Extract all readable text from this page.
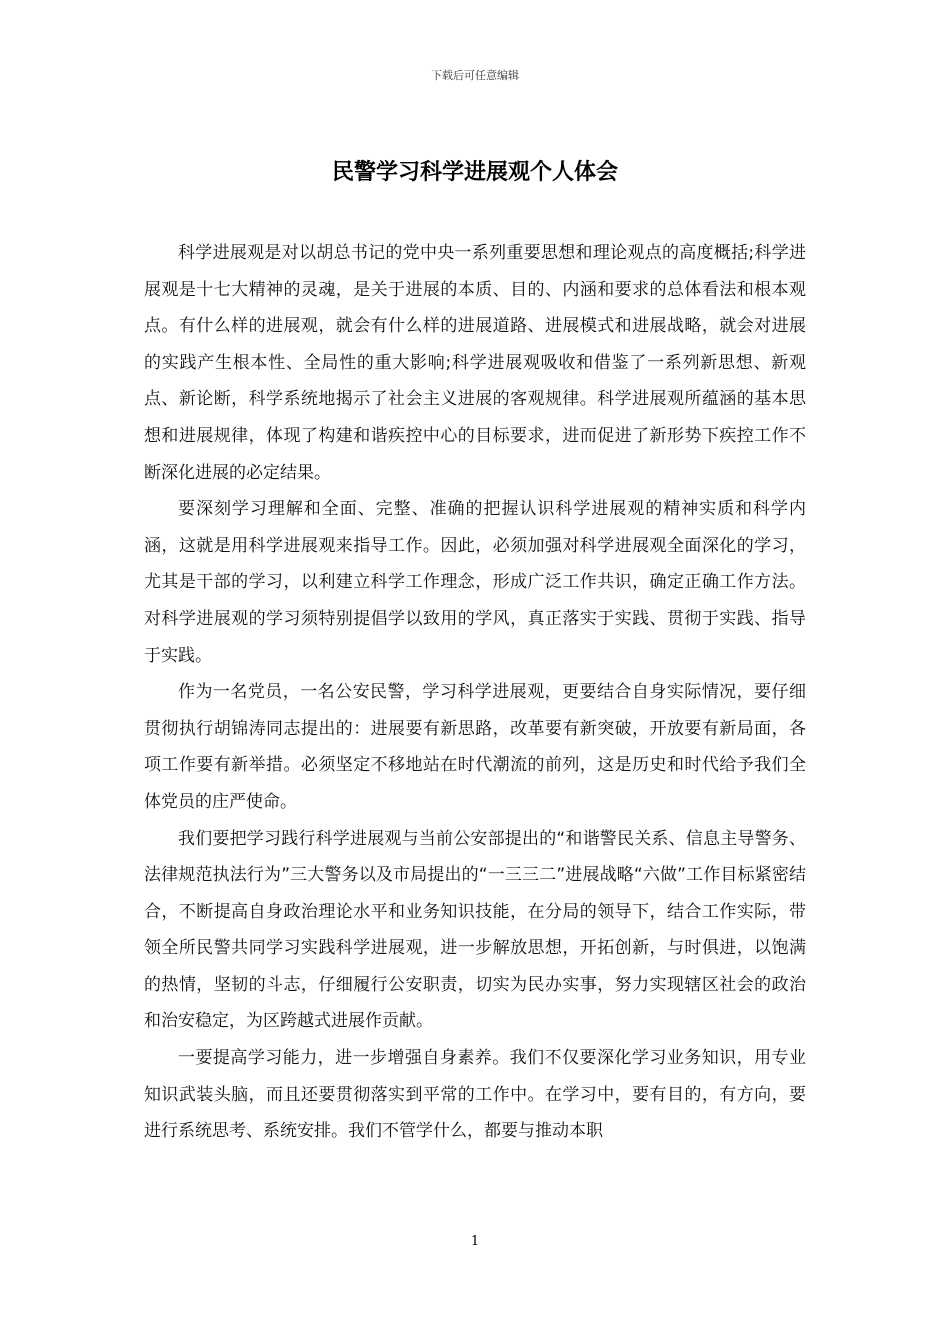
下载后可任意编辑
民警学习科学进展观个人体会

科学进展观是对以胡总书记的党中央一系列重要思想和理论观点的高度概括;科学进展观是十七大精神的灵魂，是关于进展的本质、目的、内涵和要求的总体看法和根本观点。有什么样的进展观，就会有什么样的进展道路、进展模式和进展战略，就会对进展的实践产生根本性、全局性的重大影响;科学进展观吸收和借鉴了一系列新思想、新观点、新论断，科学系统地揭示了社会主义进展的客观规律。科学进展观所蕴涵的基本思想和进展规律，体现了构建和谐疾控中心的目标要求，进而促进了新形势下疾控工作不断深化进展的必定结果。

要深刻学习理解和全面、完整、准确的把握认识科学进展观的精神实质和科学内涵，这就是用科学进展观来指导工作。因此，必须加强对科学进展观全面深化的学习，尤其是干部的学习，以利建立科学工作理念，形成广泛工作共识，确定正确工作方法。对科学进展观的学习须特别提倡学以致用的学风，真正落实于实践、贯彻于实践、指导于实践。

作为一名党员，一名公安民警，学习科学进展观，更要结合自身实际情况，要仔细贯彻执行胡锦涛同志提出的：进展要有新思路，改革要有新突破，开放要有新局面，各项工作要有新举措。必须坚定不移地站在时代潮流的前列，这是历史和时代给予我们全体党员的庄严使命。

我们要把学习践行科学进展观与当前公安部提出的“和谐警民关系、信息主导警务、法律规范执法行为”三大警务以及市局提出的“一三三二”进展战略“六做”工作目标紧密结合，不断提高自身政治理论水平和业务知识技能，在分局的领导下，结合工作实际，带领全所民警共同学习实践科学进展观，进一步解放思想，开拓创新，与时俱进，以饱满的热情，坚韧的斗志，仔细履行公安职责，切实为民办实事，努力实现辖区社会的政治和治安稳定，为区跨越式进展作贡献。

一要提高学习能力，进一步增强自身素养。我们不仅要深化学习业务知识，用专业知识武装头脑，而且还要贯彻落实到平常的工作中。在学习中，要有目的，有方向，要进行系统思考、系统安排。我们不管学什么，都要与推动本职

1
